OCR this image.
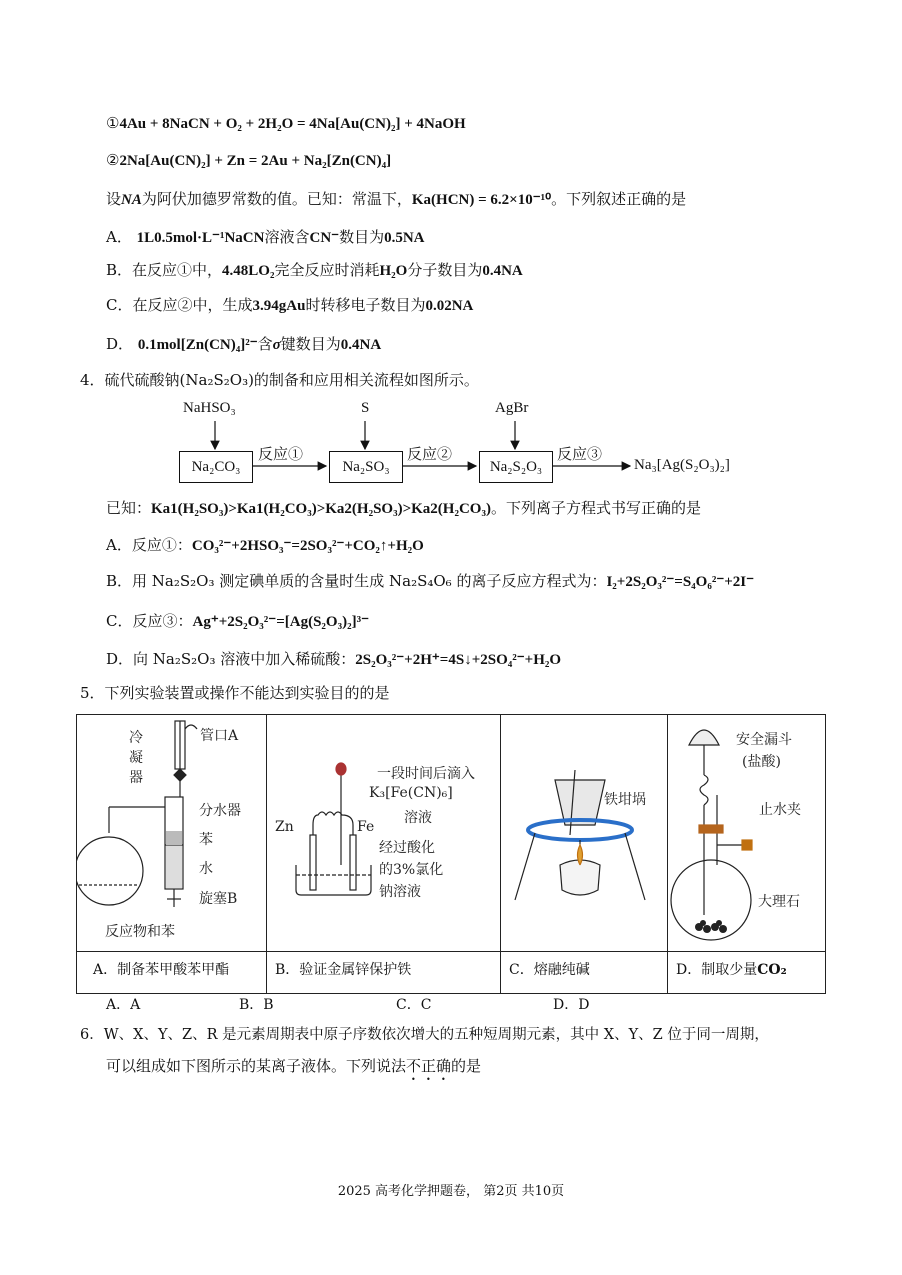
①4Au + 8NaCN + O₂ + 2H₂O = 4Na[Au(CN)₂] + 4NaOH
②2Na[Au(CN)₂] + Zn = 2Au + Na₂[Zn(CN)₄]
设NA为阿伏加德罗常数的值。已知：常温下，Ka(HCN) = 6.2×10⁻¹⁰。下列叙述正确的是
A． 1L0.5mol·L⁻¹NaCN溶液含CN⁻数目为0.5NA
B．在反应①中，4.48LO₂完全反应时消耗H₂O分子数目为0.4NA
C．在反应②中，生成3.94gAu时转移电子数目为0.02NA
D． 0.1mol[Zn(CN)₄]²⁻含σ键数目为0.4NA
4．硫代硫酸钠(Na₂S₂O₃)的制备和应用相关流程如图所示。
NaHSO₃	S	AgBr
Na₂CO₃	Na₂SO₃	Na₂S₂O₃
反应①	反应②	反应③
Na₃[Ag(S₂O₃)₂]
已知：Ka1(H₂SO₃)>Ka1(H₂CO₃)>Ka2(H₂SO₃)>Ka2(H₂CO₃)。下列离子方程式书写正确的是
A．反应①：CO₃²⁻+2HSO₃⁻=2SO₃²⁻+CO₂↑+H₂O
B．用 Na₂S₂O₃ 测定碘单质的含量时生成 Na₂S₄O₆ 的离子反应方程式为：I₂+2S₂O₃²⁻=S₄O₆²⁻+2I⁻
C．反应③：Ag⁺+2S₂O₃²⁻=[Ag(S₂O₃)₂]³⁻
D．向 Na₂S₂O₃ 溶液中加入稀硫酸：2S₂O₃²⁻+2H⁺=4S↓+2SO₄²⁻+H₂O
5．下列实验装置或操作不能达到实验目的的是
冷
凝
器
管口A
分水器
苯
水
旋塞B
反应物和苯
一段时间后滴入
K₃[Fe(CN)₆]
溶液
Zn	Fe
经过酸化
的3%氯化
钠溶液
铁坩埚
安全漏斗
(盐酸)
止水夹
大理石
A．制备苯甲酸苯甲酯	B．验证金属锌保护铁	C．熔融纯碱	D．制取少量CO₂
A．A	B．B	C．C	D．D
6．W、X、Y、Z、R 是元素周期表中原子序数依次增大的五种短周期元素，其中 X、Y、Z 位于同一周期，
可以组成如下图所示的某离子液体。下列说法不正确的是
2025 高考化学押题卷， 第2页 共10页
